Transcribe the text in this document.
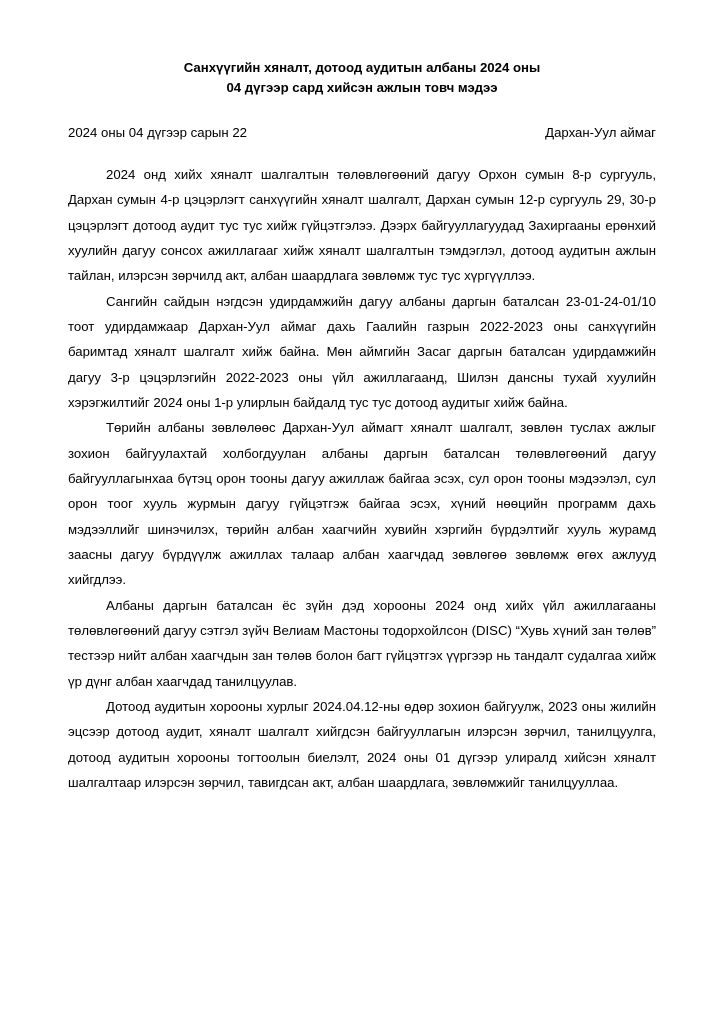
Санхүүгийн хяналт, дотоод аудитын албаны 2024 оны
04 дүгээр сард хийсэн ажлын товч мэдээ
2024 оны 04 дүгээр сарын 22	Дархан-Уул аймаг

2024 онд хийх хяналт шалгалтын төлөвлөгөөний дагуу Орхон сумын 8-р сургууль, Дархан сумын 4-р цэцэрлэгт санхүүгийн хяналт шалгалт, Дархан сумын 12-р сургууль 29, 30-р цэцэрлэгт дотоод аудит тус тус хийж гүйцэтгэлээ. Дээрх байгууллагуудад Захиргааны ерөнхий хуулийн дагуу сонсох ажиллагааг хийж хяналт шалгалтын тэмдэглэл, дотоод аудитын ажлын тайлан, илэрсэн зөрчилд акт, албан шаардлага зөвлөмж тус тус хүргүүллээ.

Сангийн сайдын нэгдсэн удирдамжийн дагуу албаны даргын баталсан 23-01-24-01/10 тоот удирдамжаар Дархан-Уул аймаг дахь Гаалийн газрын 2022-2023 оны санхүүгийн баримтад хяналт шалгалт хийж байна. Мөн аймгийн Засаг даргын баталсан удирдамжийн дагуу 3-р цэцэрлэгийн 2022-2023 оны үйл ажиллагаанд, Шилэн дансны тухай хуулийн хэрэгжилтийг 2024 оны 1-р улирлын байдалд тус тус дотоод аудитыг хийж байна.

Төрийн албаны зөвлөлөөс Дархан-Уул аймагт хяналт шалгалт, зөвлөн туслах ажлыг зохион байгуулахтай холбогдуулан албаны даргын баталсан төлөвлөгөөний дагуу байгууллагынхаа бүтэц орон тооны дагуу ажиллаж байгаа эсэх, сул орон тооны мэдээлэл, сул орон тоог хууль журмын дагуу гүйцэтгэж байгаа эсэх, хүний нөөцийн программ дахь мэдээллийг шинэчилэх, төрийн албан хаагчийн хувийн хэргийн бүрдэлтийг хууль журамд заасны дагуу бүрдүүлж ажиллах талаар албан хаагчдад зөвлөгөө зөвлөмж өгөх ажлууд хийгдлээ.

Албаны даргын баталсан ёс зүйн дэд хорооны 2024 онд хийх үйл ажиллагааны төлөвлөгөөний дагуу сэтгэл зүйч Велиам Мастоны тодорхойлсон (DISC) “Хувь хүний зан төлөв” тестээр нийт албан хаагчдын зан төлөв болон багт гүйцэтгэх үүргээр нь тандалт судалгаа хийж үр дүнг албан хаагчдад танилцуулав.

Дотоод аудитын хорооны хурлыг 2024.04.12-ны өдөр зохион байгуулж, 2023 оны жилийн эцсээр дотоод аудит, хяналт шалгалт хийгдсэн байгууллагын илэрсэн зөрчил, танилцуулга, дотоод аудитын хорооны тогтоолын биелэлт, 2024 оны 01 дүгээр улиралд хийсэн хяналт шалгалтаар илэрсэн зөрчил, тавигдсан акт, албан шаардлага, зөвлөмжийг танилцууллаа.
